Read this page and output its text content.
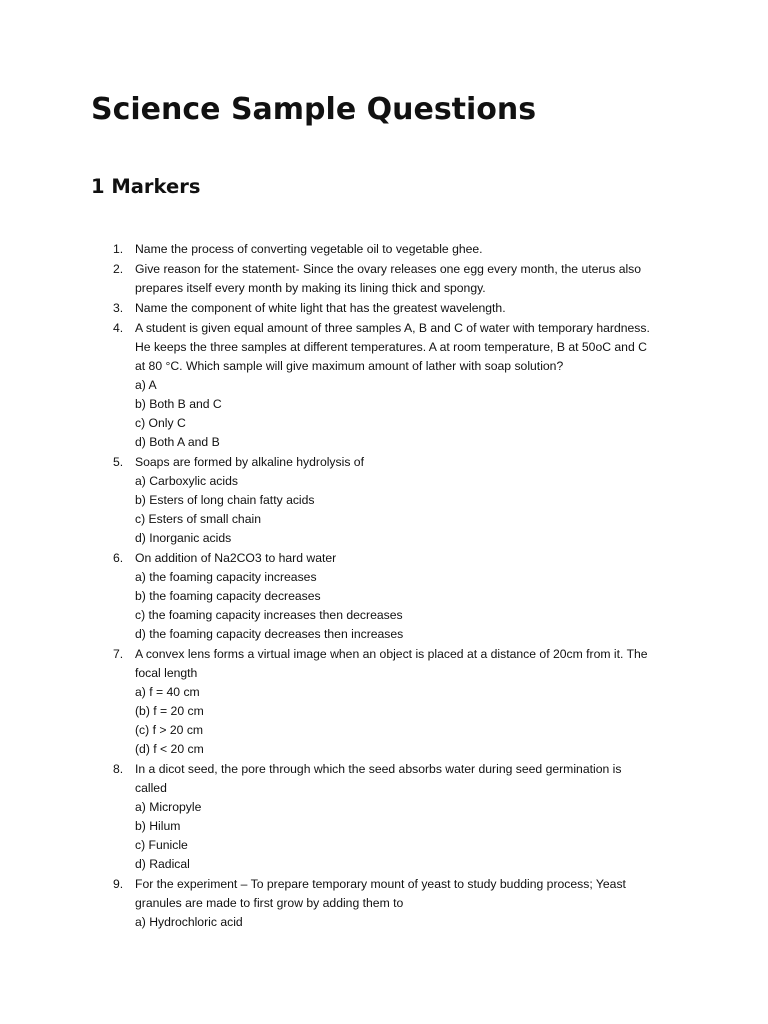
Science Sample Questions
1 Markers
1. Name the process of converting vegetable oil to vegetable ghee.
2. Give reason for the statement- Since the ovary releases one egg every month, the uterus also
prepares itself every month by making its lining thick and spongy.
3. Name the component of white light that has the greatest wavelength.
4. A student is given equal amount of three samples A, B and C of water with temporary hardness.
He keeps the three samples at different temperatures. A at room temperature, B at 50oC and C
at 80 °C. Which sample will give maximum amount of lather with soap solution?
a) A
b) Both B and C
c) Only C
d) Both A and B
5. Soaps are formed by alkaline hydrolysis of
a) Carboxylic acids
b) Esters of long chain fatty acids
c) Esters of small chain
d) Inorganic acids
6. On addition of Na2CO3 to hard water
a) the foaming capacity increases
b) the foaming capacity decreases
c) the foaming capacity increases then decreases
d) the foaming capacity decreases then increases
7. A convex lens forms a virtual image when an object is placed at a distance of 20cm from it. The
focal length
a) f = 40 cm
(b) f = 20 cm
(c) f > 20 cm
(d) f < 20 cm
8. In a dicot seed, the pore through which the seed absorbs water during seed germination is
called
a) Micropyle
b) Hilum
c) Funicle
d) Radical
9. For the experiment – To prepare temporary mount of yeast to study budding process; Yeast
granules are made to first grow by adding them to
a) Hydrochloric acid
